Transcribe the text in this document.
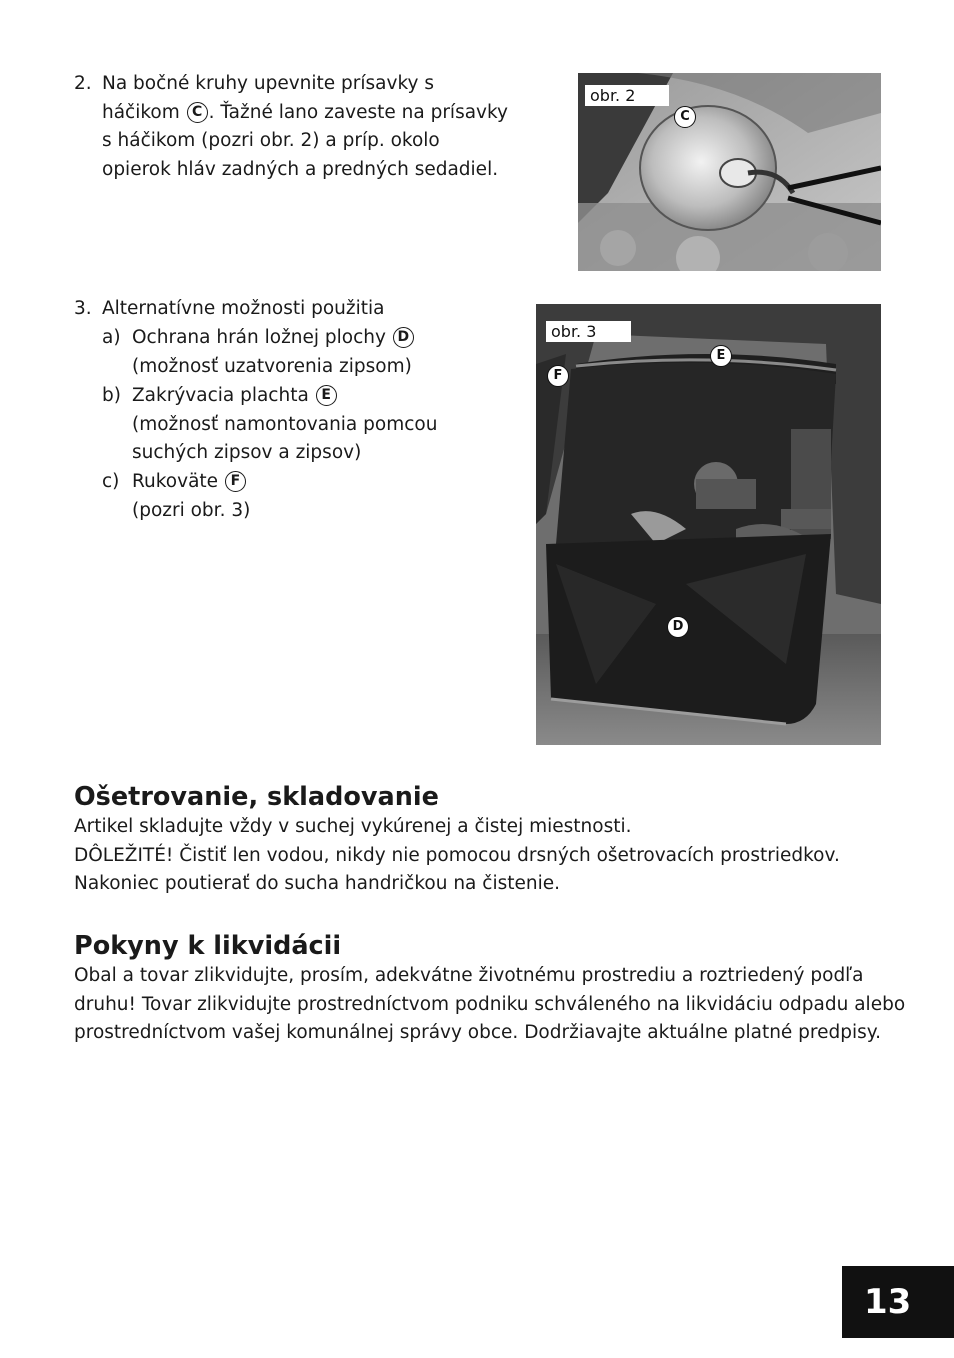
2. Na bočné kruhy upevnite prísavky s
háčikom C . Ťažné lano zaveste na prísavky
s háčikom (pozri obr. 2) a príp. okolo
opierok hláv zadných a predných sedadiel.
obr. 2
C
3. Alternatívne možnosti použitia
a) Ochrana hrán ložnej plochy D
(možnosť uzatvorenia zipsom)
b) Zakrývacia plachta E
(možnosť namontovania pomcou
suchých zipsov a zipsov)
c) Rukoväte F
(pozri obr. 3)
obr. 3
E
F
D
Ošetrovanie, skladovanie
Artikel skladujte vždy v suchej vykúrenej a čistej miestnosti.
DÔLEŽITÉ! Čistiť len vodou, nikdy nie pomocou drsných ošetrovacích prostriedkov.
Nakoniec poutierať do sucha handričkou na čistenie.
Pokyny k likvidácii
Obal a tovar zlikvidujte, prosím, adekvátne životnému prostrediu a roztriedený podľa
druhu! Tovar zlikvidujte prostredníctvom podniku schváleného na likvidáciu odpadu alebo
prostredníctvom vašej komunálnej správy obce. Dodržiavajte aktuálne platné predpisy.
13
